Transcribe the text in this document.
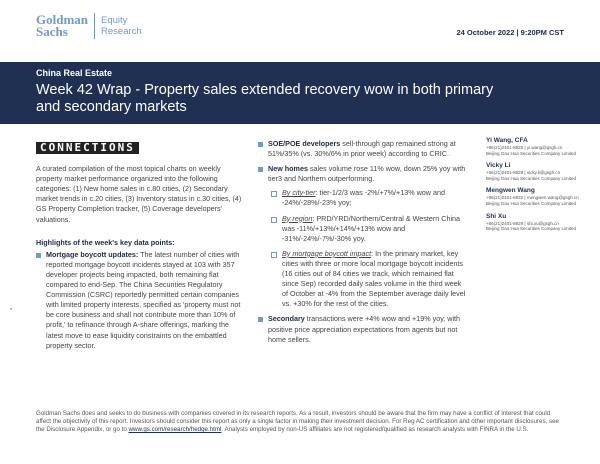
Goldman
Sachs
Equity
Research	24 October 2022 | 9:20PM CST
China Real Estate
Week 42 Wrap - Property sales extended recovery wow in both primary and secondary markets
CONNECTIONS

A curated compilation of the most topical charts on weekly property market performance organized into the following categories: (1) New home sales in c.80 cities, (2) Secondary market trends in c.20 cities, (3) Inventory status in c.30 cities, (4) GS Property Completion tracker, (5) Coverage developers' valuations.

Highlights of the week's key data points:

Mortgage boycott updates: The latest number of cities with reported mortgage boycott incidents stayed at 103 with 357 developer projects being impacted, both remaining flat compared to end-Sep. The China Securities Regulatory Commission (CSRC) reportedly permitted certain companies with limited property interests, specified as 'property must not be core business and shall not contribute more than 10% of profit,' to refinance through A-share offerings, marking the latest move to ease liquidity constraints on the embattled property sector.
SOE/POE developers sell-through gap remained strong at 51%/35% (vs. 30%/6% in prior week) according to CRIC.
New homes sales volume rose 11% wow, down 25% yoy with tier3 and Northern outperforming.
By city-tier: tier-1/2/3 was -2%/+7%/+13% wow and -24%/-28%/-23% yoy;
By region: PRD/YRD/Northern/Central & Western China was -11%/+13%/+14%/+13% wow and -31%/-24%/-7%/-30% yoy.
By mortgage boycott impact: In the primary market, key cities with three or more local mortgage boycott incidents (16 cities out of 84 cities we track, which remained flat since Sep) recorded daily sales volume in the third week of October at -4% from the September average daily level vs. +30% for the rest of the cities.
Secondary transactions were +4% wow and +19% yoy, with positive price appreciation expectations from agents but not home sellers.
Yi Wang, CFA
+86(21)2401-8925 | yi.wang@gsgh.cn
Beijing Gao Hua Securities Company Limited
Vicky Li
+86(21)2401-8928 | vicky.li@gsgh.cn
Beijing Gao Hua Securities Company Limited
Mengwen Wang
+86(21)2401-8932 | mengwen.wang@gsgh.cn
Beijing Gao Hua Securities Company Limited
Shi Xu
+86(21)2401-8929 | shi.xu@gsgh.cn
Beijing Gao Hua Securities Company Limited
Goldman Sachs does and seeks to do business with companies covered in its research reports. As a result, investors should be aware that the firm may have a conflict of interest that could affect the objectivity of this report. Investors should consider this report as only a single factor in making their investment decision. For Reg AC certification and other important disclosures, see the Disclosure Appendix, or go to www.gs.com/research/hedge.html. Analysts employed by non-US affiliates are not registered/qualified as research analysts with FINRA in the U.S.
